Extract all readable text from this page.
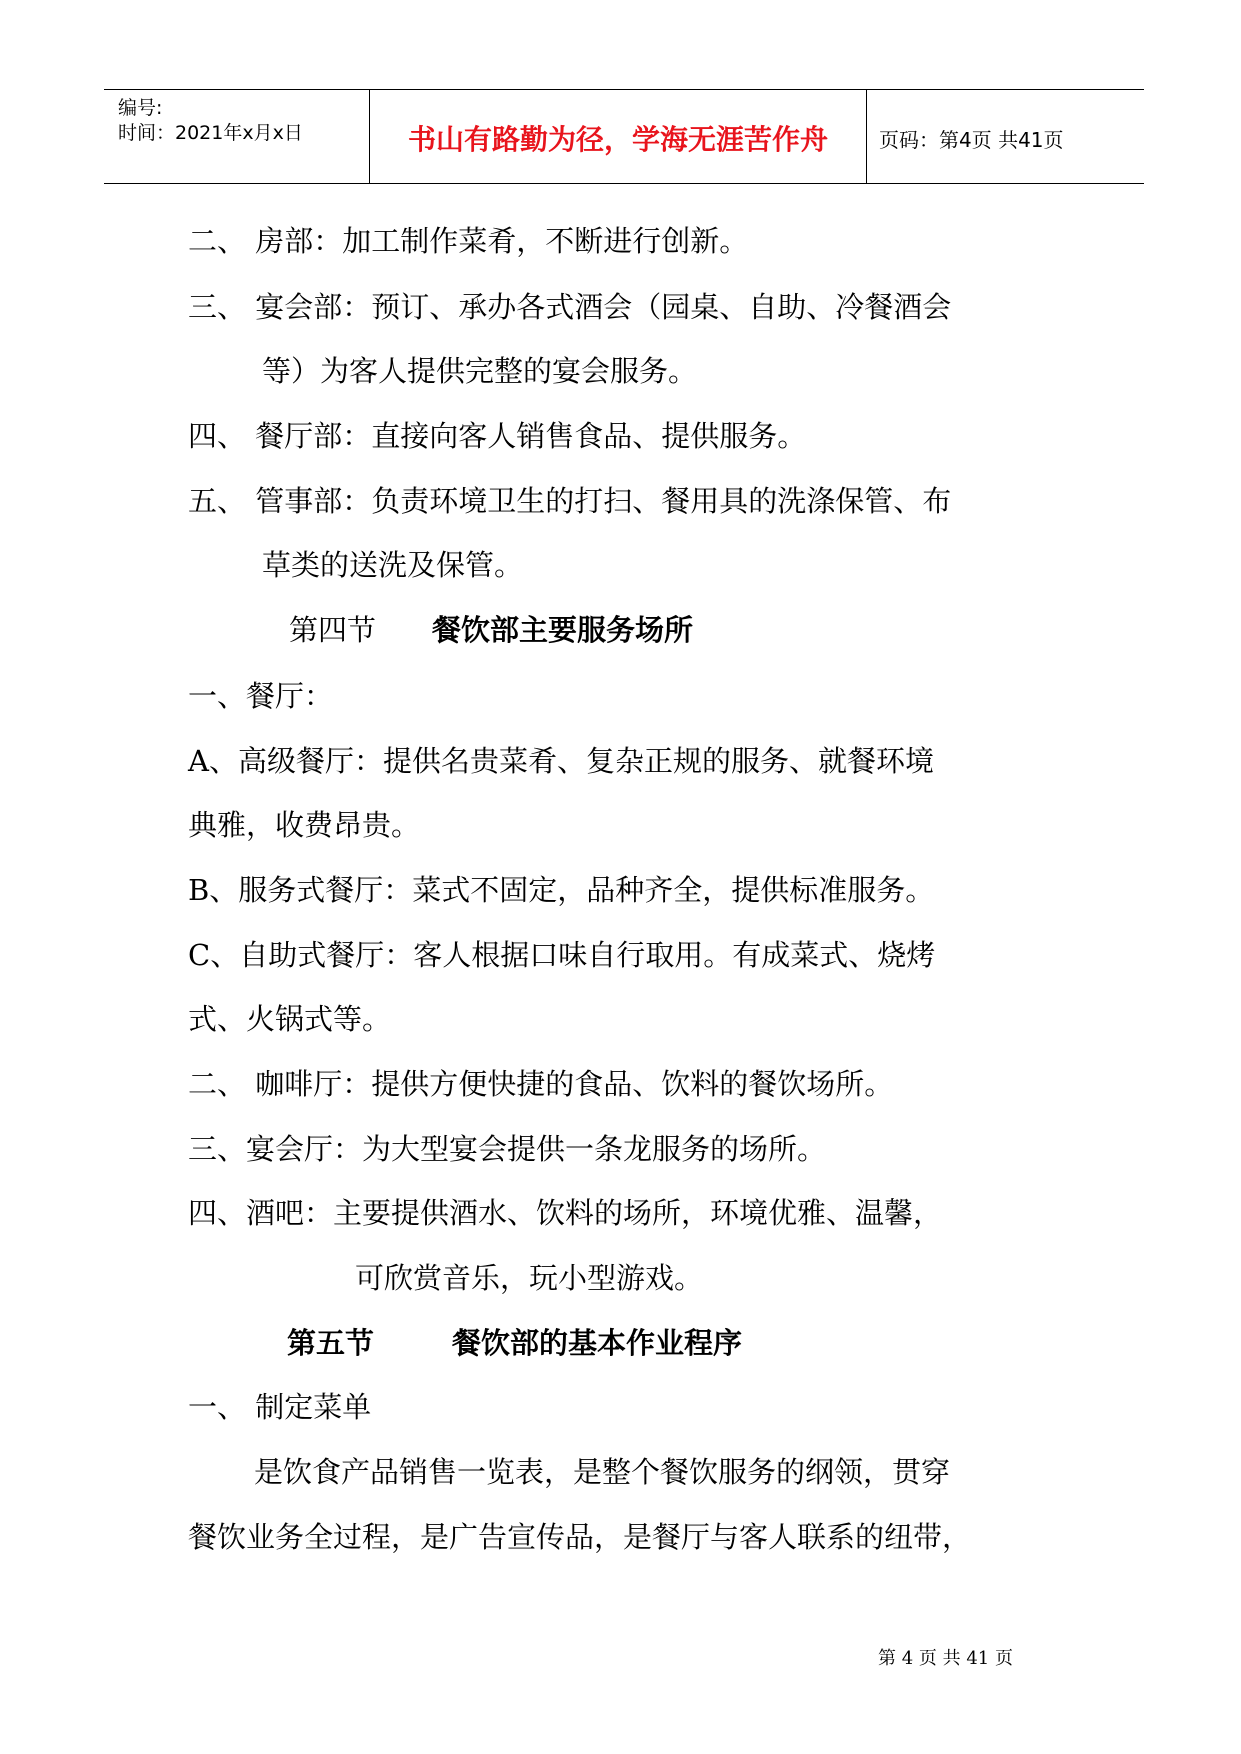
编号:
时间：2021年x月x日	书山有路勤为径，学海无涯苦作舟	页码：第4页 共41页
二、 房部：加工制作菜肴，不断进行创新。
三、 宴会部：预订、承办各式酒会（园桌、自助、冷餐酒会
等）为客人提供完整的宴会服务。
四、 餐厅部：直接向客人销售食品、提供服务。
五、 管事部：负责环境卫生的打扫、餐用具的洗涤保管、布
草类的送洗及保管。
第四节 餐饮部主要服务场所
一、餐厅：
A、高级餐厅：提供名贵菜肴、复杂正规的服务、就餐环境
典雅，收费昂贵。
B、服务式餐厅：菜式不固定，品种齐全，提供标准服务。
C、自助式餐厅：客人根据口味自行取用。有成菜式、烧烤
式、火锅式等。
二、 咖啡厅：提供方便快捷的食品、饮料的餐饮场所。
三、宴会厅：为大型宴会提供一条龙服务的场所。
四、酒吧：主要提供酒水、饮料的场所，环境优雅、温馨，
可欣赏音乐，玩小型游戏。
第五节	餐饮部的基本作业程序
一、 制定菜单
是饮食产品销售一览表，是整个餐饮服务的纲领，贯穿
餐饮业务全过程，是广告宣传品，是餐厅与客人联系的纽带，
第 4 页 共 41 页
